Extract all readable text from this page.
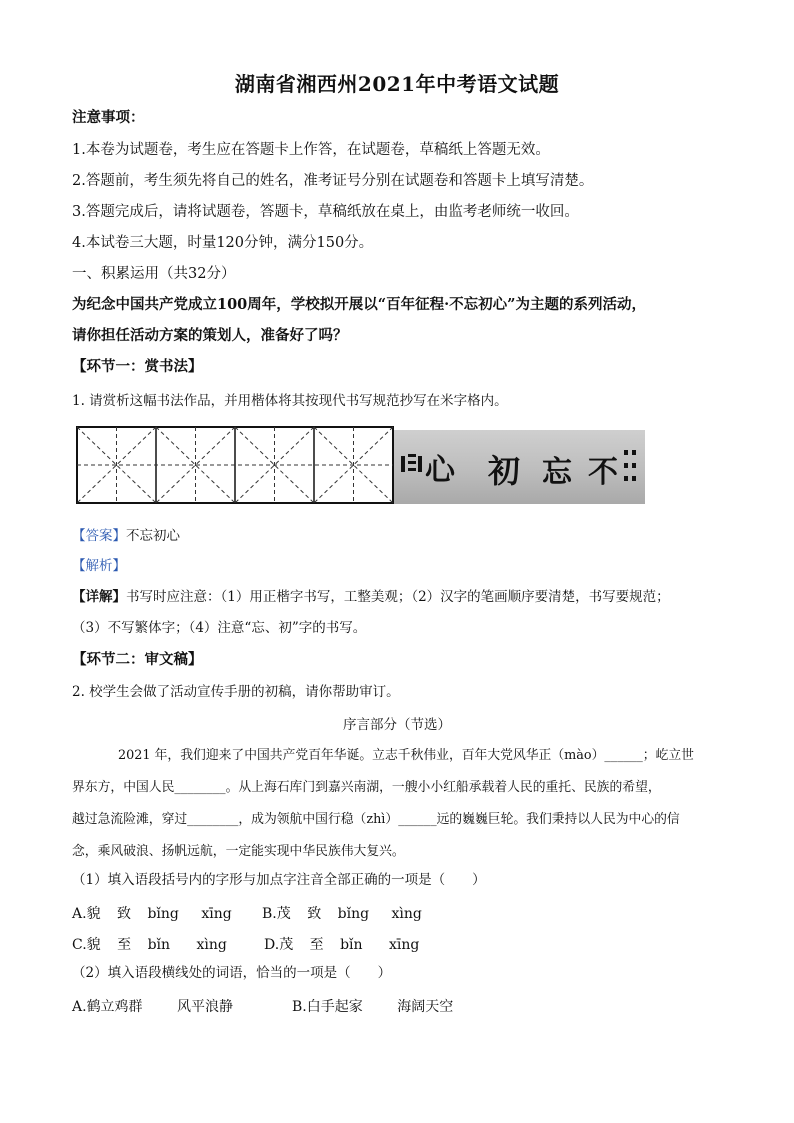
湖南省湘西州2021年中考语文试题
注意事项：
1.本卷为试题卷，考生应在答题卡上作答，在试题卷，草稿纸上答题无效。
2.答题前，考生须先将自己的姓名，准考证号分别在试题卷和答题卡上填写清楚。
3.答题完成后，请将试题卷，答题卡，草稿纸放在桌上，由监考老师统一收回。
4.本试卷三大题，时量120分钟，满分150分。
一、积累运用（共32分）
为纪念中国共产党成立100周年，学校拟开展以“百年征程·不忘初心”为主题的系列活动，
请你担任活动方案的策划人，准备好了吗？
【环节一：赏书法】
1. 请赏析这幅书法作品，并用楷体将其按现代书写规范抄写在米字格内。
心 初 忘 不
【答案】不忘初心
【解析】
【详解】书写时应注意：（1）用正楷字书写，工整美观；（2）汉字的笔画顺序要清楚，书写要规范；
（3）不写繁体字；（4）注意“忘、初”字的书写。
【环节二：审文稿】
2. 校学生会做了活动宣传手册的初稿，请你帮助审订。
序言部分（节选）
2021 年，我们迎来了中国共产党百年华诞。立志千秋伟业，百年大党风华正（mào）______；屹立世
界东方，中国人民________。从上海石库门到嘉兴南湖，一艘小小红船承载着人民的重托、民族的希望，
越过急流险滩，穿过________，成为领航中国行稳（zhì）______远的巍巍巨轮。我们秉持以人民为中心的信
念，乘风破浪、扬帆远航，一定能实现中华民族伟大复兴。
（1）填入语段括号内的字形与加点字注音全部正确的一项是（　　）
A.貌 致 bǐng xīng B.茂 致 bǐng xìng
C.貌 至 bǐn xìng	D.茂 至 bǐn xīng
（2）填入语段横线处的词语，恰当的一项是（　　）
A.鹤立鸡群 风平浪静	B.白手起家 海阔天空
